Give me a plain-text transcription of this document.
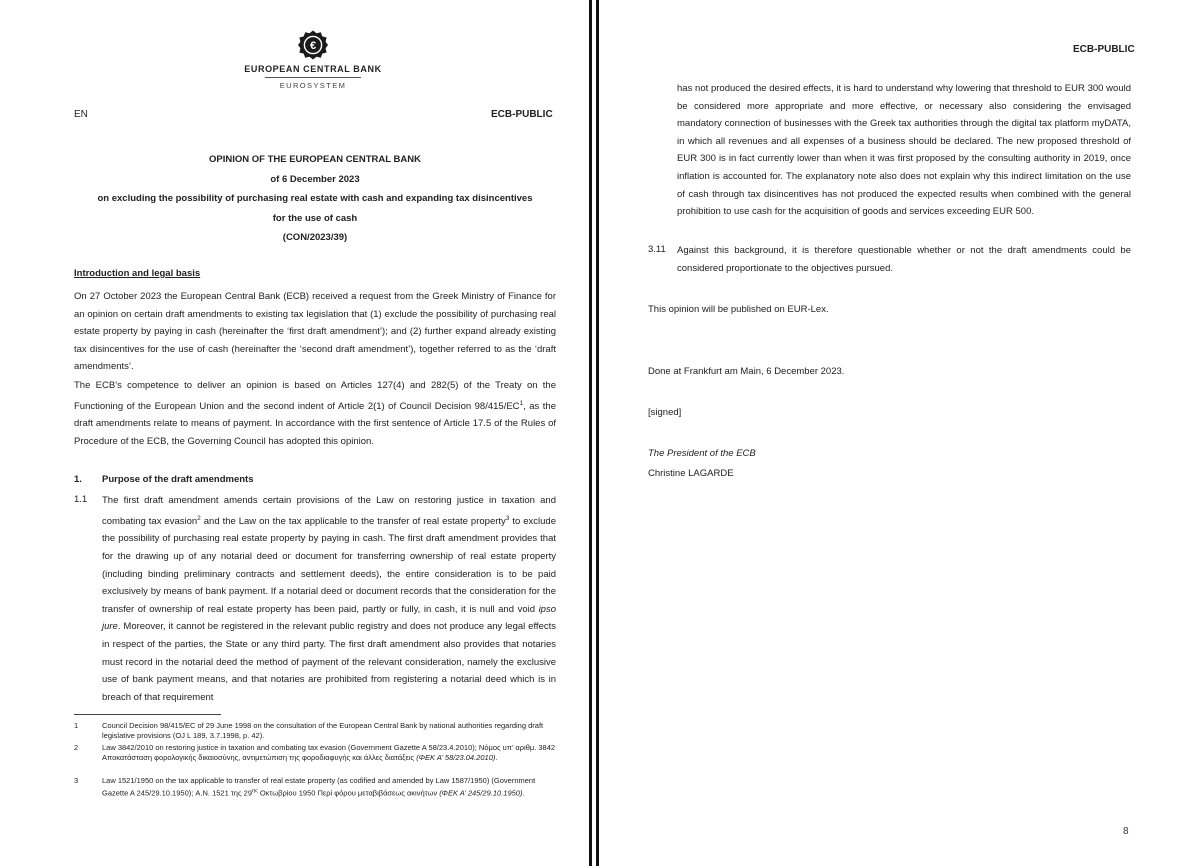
€
EUROPEAN CENTRAL BANK
EUROSYSTEM
EN	ECB-PUBLIC
OPINION OF THE EUROPEAN CENTRAL BANK
of 6 December 2023
on excluding the possibility of purchasing real estate with cash and expanding tax disincentives
for the use of cash
(CON/2023/39)
Introduction and legal basis
On 27 October 2023 the European Central Bank (ECB) received a request from the Greek Ministry of Finance for an opinion on certain draft amendments to existing tax legislation that (1) exclude the possibility of purchasing real estate property by paying in cash (hereinafter the ‘first draft amendment’); and (2) further expand already existing tax disincentives for the use of cash (hereinafter the ‘second draft amendment’), together referred to as the ‘draft amendments’.
The ECB’s competence to deliver an opinion is based on Articles 127(4) and 282(5) of the Treaty on the Functioning of the European Union and the second indent of Article 2(1) of Council Decision $98/415/EC^1$, as the draft amendments relate to means of payment. In accordance with the first sentence of Article 17.5 of the Rules of Procedure of the ECB, the Governing Council has adopted this opinion.
1. Purpose of the draft amendments
1.1 The first draft amendment amends certain provisions of the Law on restoring justice in taxation and combating tax evasion$^2$ and the Law on the tax applicable to the transfer of real estate property$^3$ to exclude the possibility of purchasing real estate property by paying in cash. The first draft amendment provides that for the drawing up of any notarial deed or document for transferring ownership of real estate property (including binding preliminary contracts and settlement deeds), the entire consideration is to be paid exclusively by means of bank payment. If a notarial deed or document records that the consideration for the transfer of ownership of real estate property has been paid, partly or fully, in cash, it is null and void ipso jure. Moreover, it cannot be registered in the relevant public registry and does not produce any legal effects in respect of the parties, the State or any third party. The first draft amendment also provides that notaries must record in the notarial deed the method of payment of the relevant consideration, namely the exclusive use of bank payment means, and that notaries are prohibited from registering a notarial deed which is in breach of that requirement
1	Council Decision 98/415/EC of 29 June 1998 on the consultation of the European Central Bank by national authorities regarding draft legislative provisions (OJ L 189, 3.7.1998, p. 42).
2	Law 3842/2010 on restoring justice in taxation and combating tax evasion (Government Gazette A 58/23.4.2010); Νόμος υπ’ αριθμ. 3842 Αποκατάσταση φορολογικής δικαιοσύνης, αντιμετώπιση της φοροδιαφυγής και άλλες διατάξεις (ΦΕΚ Α’ 58/23.04.2010).
3	Law 1521/1950 on the tax applicable to transfer of real estate property (as codified and amended by Law 1587/1950) (Government Gazette A 245/29.10.1950); Α.Ν. 1521 της $29^{\eta\varsigma}$ Οκτωβρίου 1950 Περί φόρου μεταβιβάσεως ακινήτων (ΦΕΚ Α’ 245/29.10.1950).
ECB-PUBLIC
has not produced the desired effects, it is hard to understand why lowering that threshold to EUR 300 would be considered more appropriate and more effective, or necessary also considering the envisaged mandatory connection of businesses with the Greek tax authorities through the digital tax platform myDATA, in which all revenues and all expenses of a business should be declared. The new proposed threshold of EUR 300 is in fact currently lower than when it was first proposed by the consulting authority in 2019, once inflation is accounted for. The explanatory note also does not explain why this indirect limitation on the use of cash through tax disincentives has not produced the expected results when combined with the general prohibition to use cash for the acquisition of goods and services exceeding EUR 500.
3.11 Against this background, it is therefore questionable whether or not the draft amendments could be considered proportionate to the objectives pursued.
This opinion will be published on EUR-Lex.
Done at Frankfurt am Main, 6 December 2023.
[signed]
The President of the ECB
Christine LAGARDE
8
